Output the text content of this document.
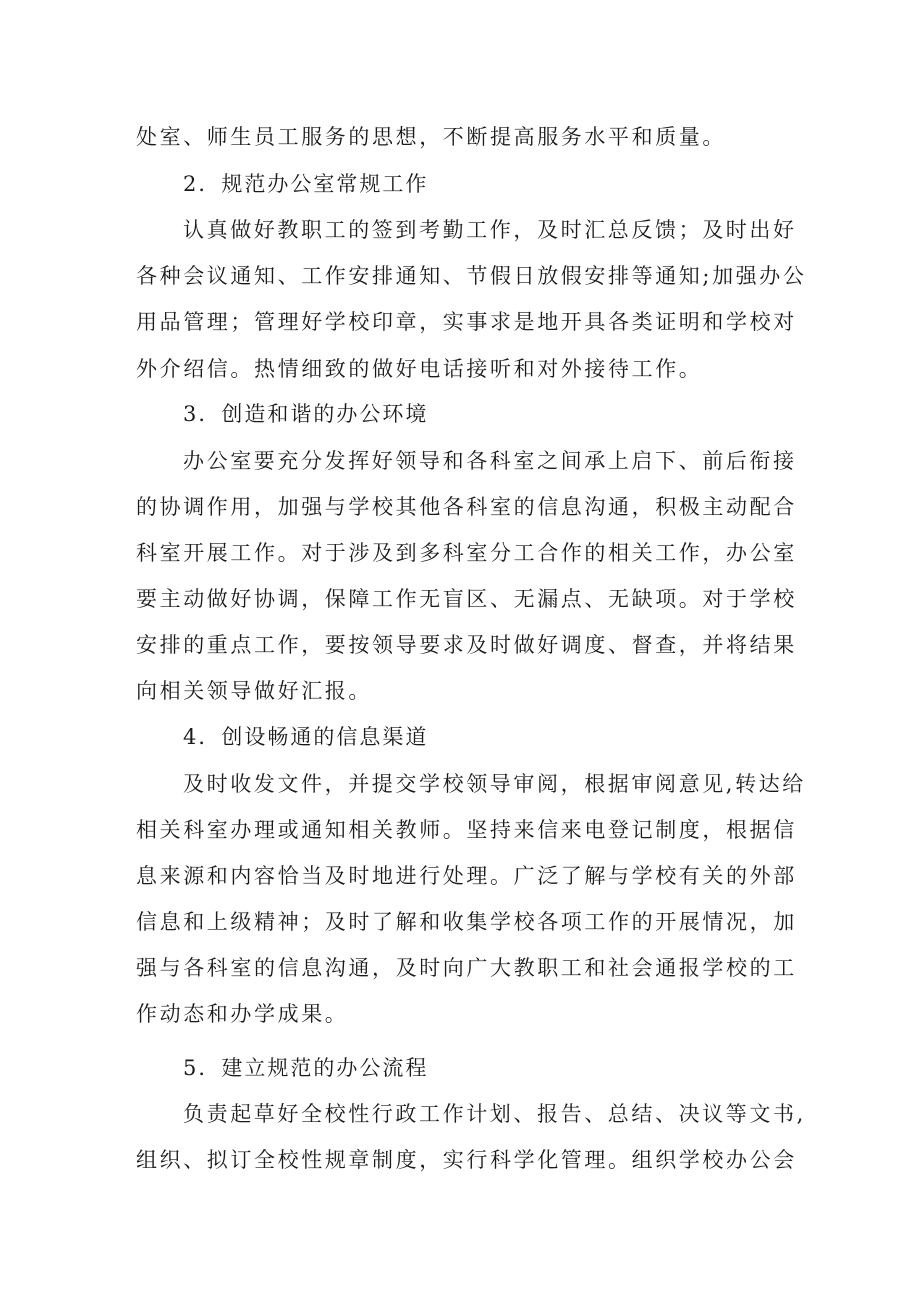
处室、师生员工服务的思想，不断提高服务水平和质量。
2．规范办公室常规工作
认真做好教职工的签到考勤工作，及时汇总反馈；及时出好
各种会议通知、工作安排通知、节假日放假安排等通知;加强办公
用品管理；管理好学校印章，实事求是地开具各类证明和学校对
外介绍信。热情细致的做好电话接听和对外接待工作。
3．创造和谐的办公环境
办公室要充分发挥好领导和各科室之间承上启下、前后衔接
的协调作用，加强与学校其他各科室的信息沟通，积极主动配合
科室开展工作。对于涉及到多科室分工合作的相关工作，办公室
要主动做好协调，保障工作无盲区、无漏点、无缺项。对于学校
安排的重点工作，要按领导要求及时做好调度、督查，并将结果
向相关领导做好汇报。
4．创设畅通的信息渠道
及时收发文件，并提交学校领导审阅，根据审阅意见,转达给
相关科室办理或通知相关教师。坚持来信来电登记制度，根据信
息来源和内容恰当及时地进行处理。广泛了解与学校有关的外部
信息和上级精神；及时了解和收集学校各项工作的开展情况，加
强与各科室的信息沟通，及时向广大教职工和社会通报学校的工
作动态和办学成果。
5．建立规范的办公流程
负责起草好全校性行政工作计划、报告、总结、决议等文书,
组织、拟订全校性规章制度，实行科学化管理。组织学校办公会
